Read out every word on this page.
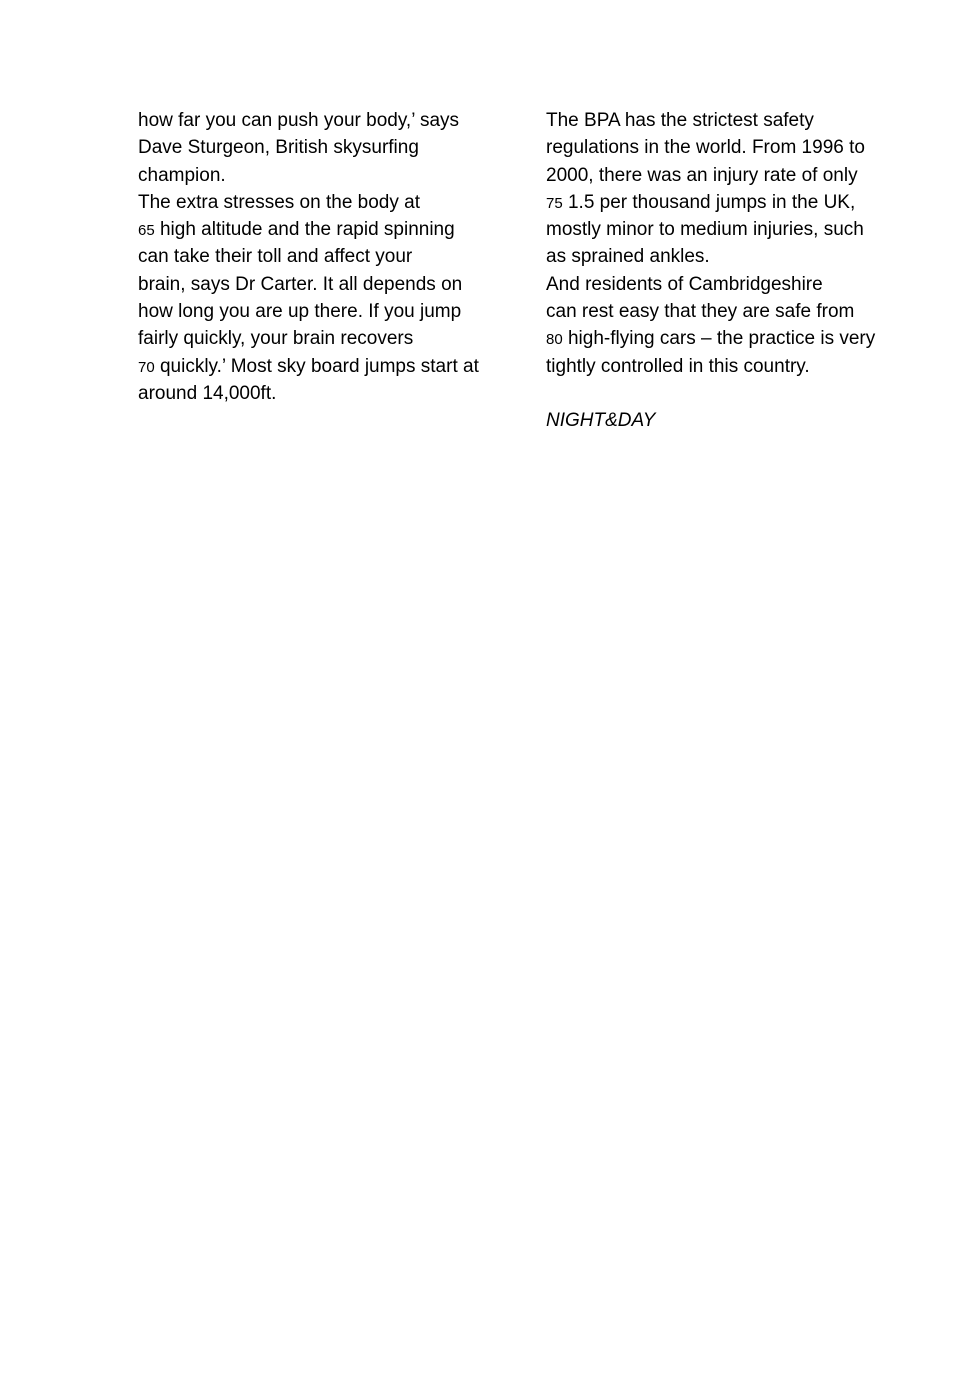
how far you can push your body,’ says
Dave Sturgeon, British skysurfing
champion.
The extra stresses on the body at
65 high altitude and the rapid spinning
can take their toll and affect your
brain, says Dr Carter. It all depends on
how long you are up there. If you jump
fairly quickly, your brain recovers
70 quickly.’ Most sky board jumps start at
around 14,000ft.
The BPA has the strictest safety
regulations in the world. From 1996 to
2000, there was an injury rate of only
75 1.5 per thousand jumps in the UK,
mostly minor to medium injuries, such
as sprained ankles.
And residents of Cambridgeshire
can rest easy that they are safe from
80 high-flying cars – the practice is very
tightly controlled in this country.
NIGHT&DAY
